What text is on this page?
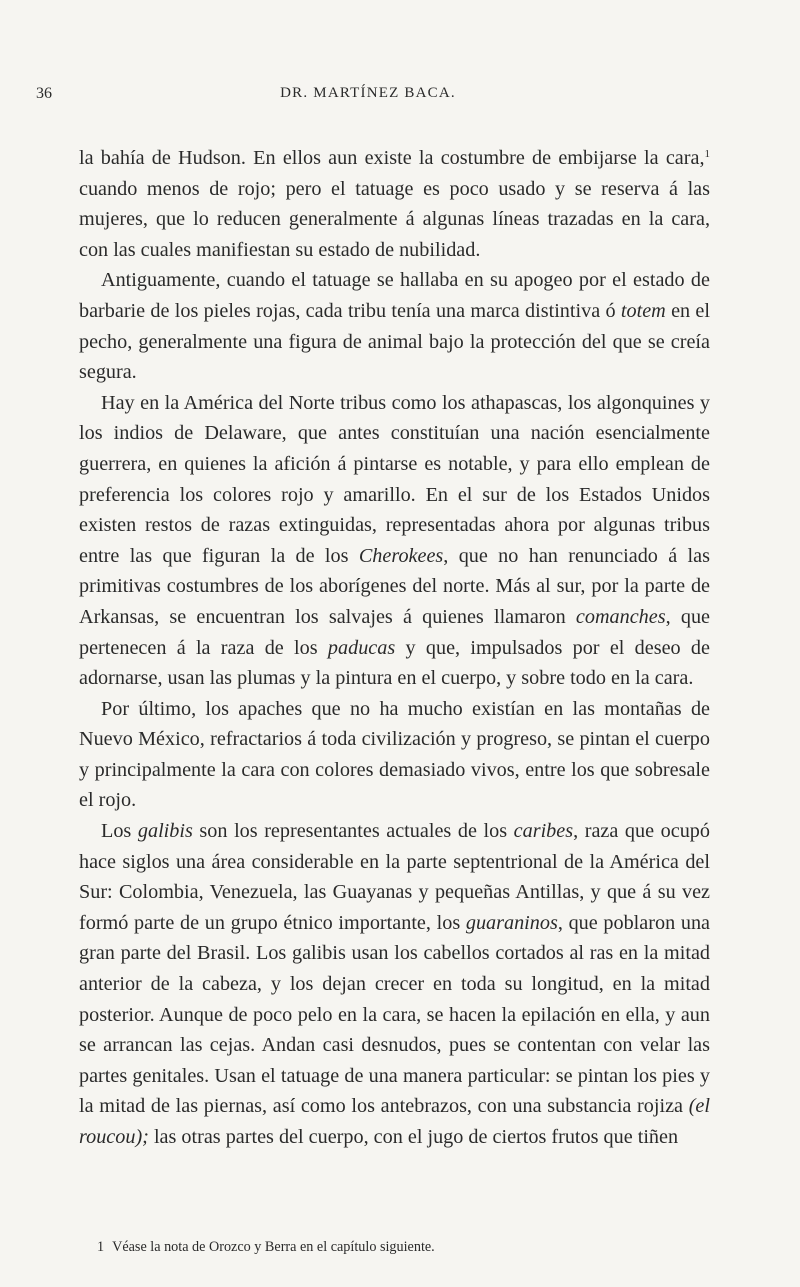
36	DR. MARTÍNEZ BACA.

la bahía de Hudson. En ellos aun existe la costumbre de embijarse la cara,$^1$ cuando menos de rojo; pero el tatuage es poco usado y se reserva á las mujeres, que lo reducen generalmente á algunas líneas trazadas en la cara, con las cuales manifiestan su estado de nubilidad.

Antiguamente, cuando el tatuage se hallaba en su apogeo por el estado de barbarie de los pieles rojas, cada tribu tenía una marca distintiva ó totem en el pecho, generalmente una figura de animal bajo la protección del que se creía segura.

Hay en la América del Norte tribus como los athapascas, los algonquines y los indios de Delaware, que antes constituían una nación esencialmente guerrera, en quienes la afición á pintarse es notable, y para ello emplean de preferencia los colores rojo y amarillo. En el sur de los Estados Unidos existen restos de razas extinguidas, representadas ahora por algunas tribus entre las que figuran la de los Cherokees, que no han renunciado á las primitivas costumbres de los aborígenes del norte. Más al sur, por la parte de Arkansas, se encuentran los salvajes á quienes llamaron comanches, que pertenecen á la raza de los paducas y que, impulsados por el deseo de adornarse, usan las plumas y la pintura en el cuerpo, y sobre todo en la cara.

Por último, los apaches que no ha mucho existían en las montañas de Nuevo México, refractarios á toda civilización y progreso, se pintan el cuerpo y principalmente la cara con colores demasiado vivos, entre los que sobresale el rojo.

Los galibis son los representantes actuales de los caribes, raza que ocupó hace siglos una área considerable en la parte septentrional de la América del Sur: Colombia, Venezuela, las Guayanas y pequeñas Antillas, y que á su vez formó parte de un grupo étnico importante, los guaraninos, que poblaron una gran parte del Brasil. Los galibis usan los cabellos cortados al ras en la mitad anterior de la cabeza, y los dejan crecer en toda su longitud, en la mitad posterior. Aunque de poco pelo en la cara, se hacen la epilación en ella, y aun se arrancan las cejas. Andan casi desnudos, pues se contentan con velar las partes genitales. Usan el tatuage de una manera particular: se pintan los pies y la mitad de las piernas, así como los antebrazos, con una substancia rojiza (el roucou); las otras partes del cuerpo, con el jugo de ciertos frutos que tiñen

1 Véase la nota de Orozco y Berra en el capítulo siguiente.
